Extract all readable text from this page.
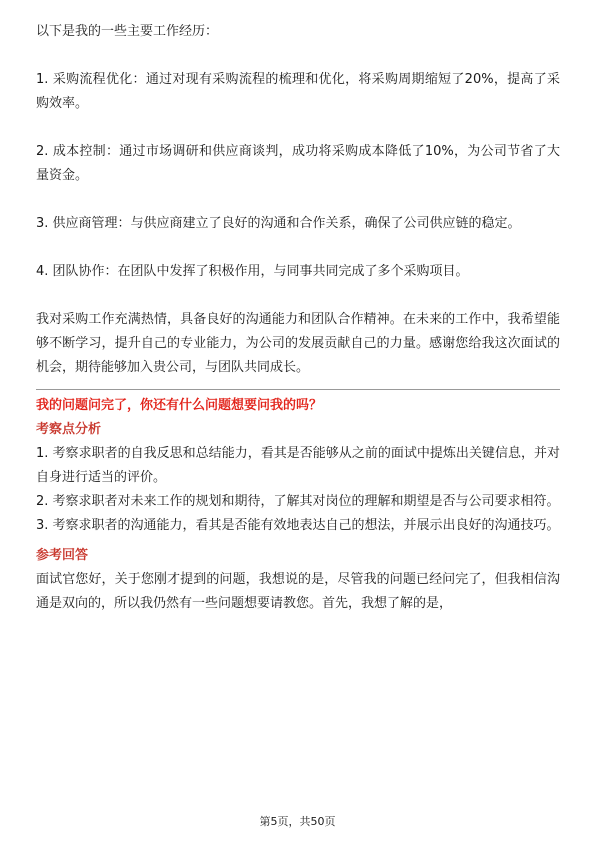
以下是我的一些主要工作经历：

1. 采购流程优化：通过对现有采购流程的梳理和优化，将采购周期缩短了20%，提高了采购效率。

2. 成本控制：通过市场调研和供应商谈判，成功将采购成本降低了10%，为公司节省了大量资金。

3. 供应商管理：与供应商建立了良好的沟通和合作关系，确保了公司供应链的稳定。

4. 团队协作：在团队中发挥了积极作用，与同事共同完成了多个采购项目。

我对采购工作充满热情，具备良好的沟通能力和团队合作精神。在未来的工作中，我希望能够不断学习，提升自己的专业能力，为公司的发展贡献自己的力量。感谢您给我这次面试的机会，期待能够加入贵公司，与团队共同成长。

我的问题问完了，你还有什么问题想要问我的吗？

考察点分析

1. 考察求职者的自我反思和总结能力，看其是否能够从之前的面试中提炼出关键信息，并对自身进行适当的评价。

2. 考察求职者对未来工作的规划和期待，了解其对岗位的理解和期望是否与公司要求相符。

3. 考察求职者的沟通能力，看其是否能有效地表达自己的想法，并展示出良好的沟通技巧。

参考回答

面试官您好，关于您刚才提到的问题，我想说的是，尽管我的问题已经问完了，但我相信沟通是双向的，所以我仍然有一些问题想要请教您。首先，我想了解的是，

第5页，共50页
